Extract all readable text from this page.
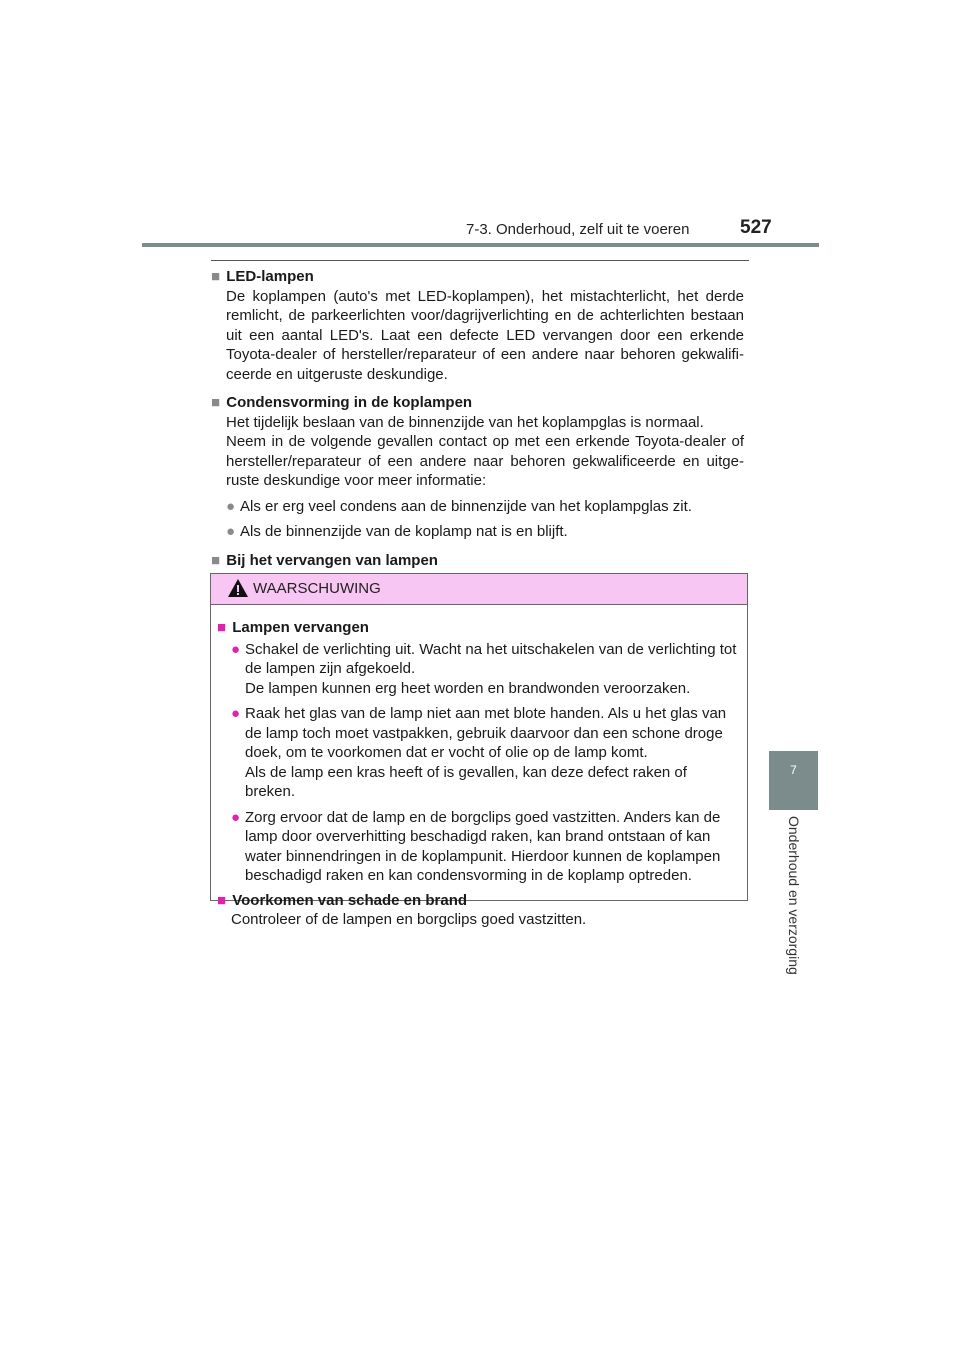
7-3. Onderhoud, zelf uit te voeren	527
7
Onderhoud en verzorging
■ LED-lampen
De koplampen (auto's met LED-koplampen), het mistachterlicht, het derde remlicht, de parkeerlichten voor/dagrijverlichting en de achterlichten bestaan uit een aantal LED's. Laat een defecte LED vervangen door een erkende Toyota-dealer of hersteller/reparateur of een andere naar behoren gekwalifi-ceerde en uitgeruste deskundige.
■ Condensvorming in de koplampen
Het tijdelijk beslaan van de binnenzijde van het koplampglas is normaal.
Neem in de volgende gevallen contact op met een erkende Toyota-dealer of hersteller/reparateur of een andere naar behoren gekwalificeerde en uitge-ruste deskundige voor meer informatie:
● Als er erg veel condens aan de binnenzijde van het koplampglas zit.
● Als de binnenzijde van de koplamp nat is en blijft.
■ Bij het vervangen van lampen
WAARSCHUWING
■ Lampen vervangen
● Schakel de verlichting uit. Wacht na het uitschakelen van de verlichting tot de lampen zijn afgekoeld.
De lampen kunnen erg heet worden en brandwonden veroorzaken.
● Raak het glas van de lamp niet aan met blote handen. Als u het glas van de lamp toch moet vastpakken, gebruik daarvoor dan een schone droge doek, om te voorkomen dat er vocht of olie op de lamp komt.
Als de lamp een kras heeft of is gevallen, kan deze defect raken of breken.
● Zorg ervoor dat de lamp en de borgclips goed vastzitten. Anders kan de lamp door oververhitting beschadigd raken, kan brand ontstaan of kan water binnendringen in de koplampunit. Hierdoor kunnen de koplampen beschadigd raken en kan condensvorming in de koplamp optreden.
■ Voorkomen van schade en brand
Controleer of de lampen en borgclips goed vastzitten.
